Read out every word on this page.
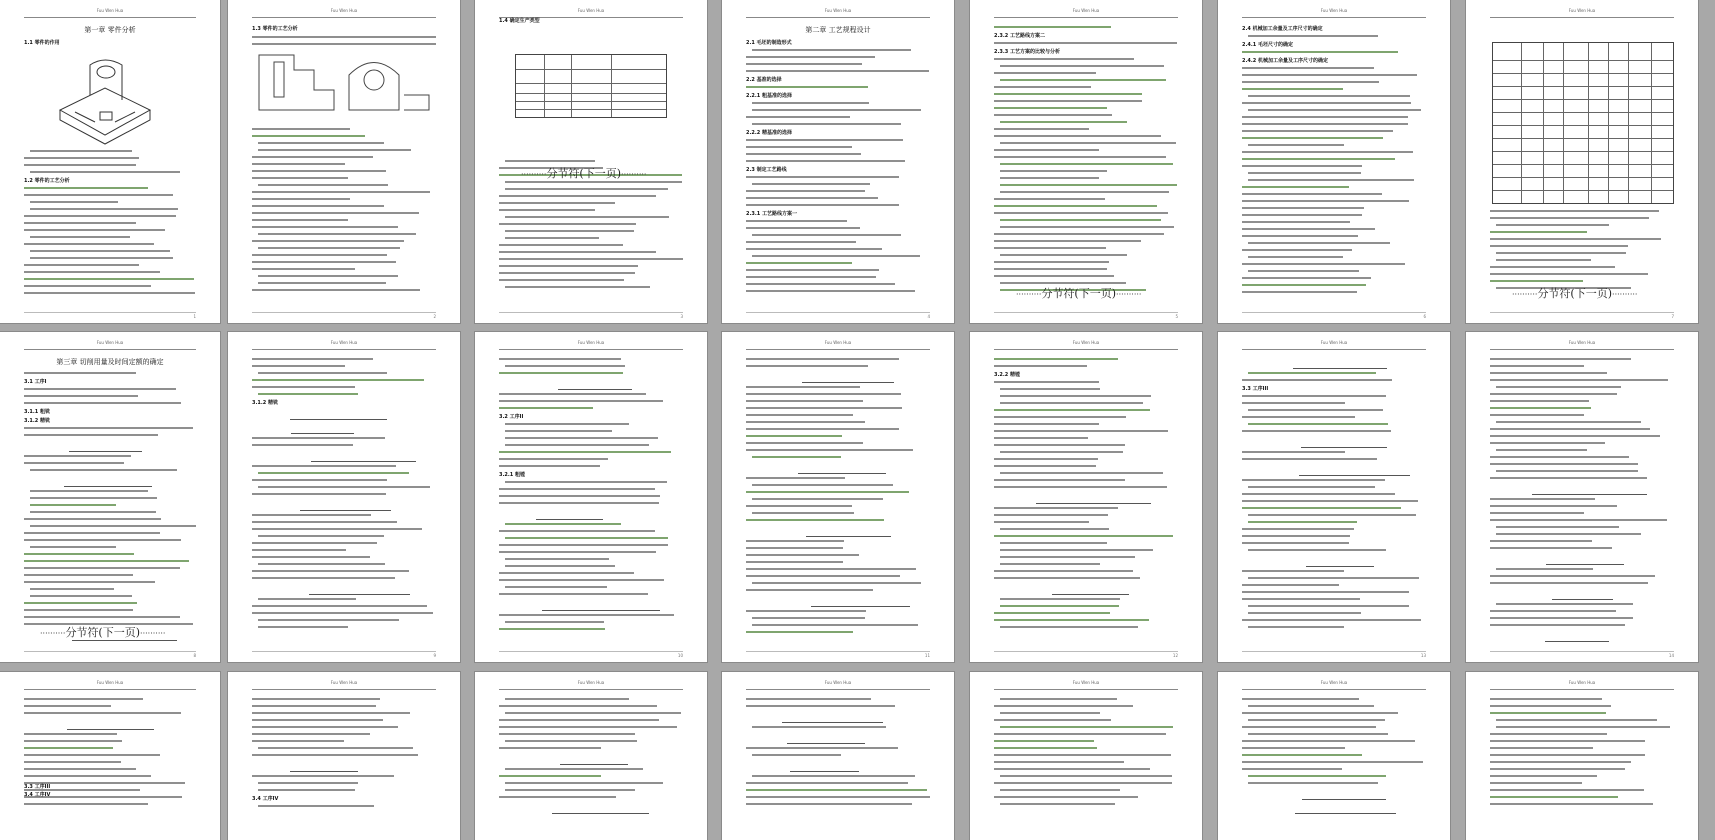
Fuu Wen Hua
第一章 零件分析
1.1 零件的作用
1.2 零件的工艺分析
1
Fuu Wen Hua
1.3 零件的工艺分析
2
Fuu Wen Hua
1.4 确定生产类型
····· 分节符(下一页) ·····
3
Fuu Wen Hua
第二章 工艺规程设计
2.1 毛坯的制造形式
2.2 基准的选择
2.2.1 粗基准的选择
2.2.2 精基准的选择
2.3 制定工艺路线
2.3.1 工艺路线方案一
4
Fuu Wen Hua
2.3.2 工艺路线方案二
2.3.3 工艺方案的比较与分析
····· 分节符(下一页) ·····
5
Fuu Wen Hua
2.4 机械加工余量及工序尺寸的确定
2.4.1 毛坯尺寸的确定
2.4.2 机械加工余量及工序尺寸的确定
6
Fuu Wen Hua
····· 分节符(下一页) ·····
7
Fuu Wen Hua
第三章 切削用量及时间定额的确定
3.1 工序I
3.1.1 粗铣
3.1.2 精铣
····· 分节符(下一页) ·····
8
Fuu Wen Hua
3.1.2 精铣
9
Fuu Wen Hua
3.2 工序II
3.2.1 粗镗
10
Fuu Wen Hua
11
Fuu Wen Hua
3.2.2 精镗
12
Fuu Wen Hua
3.3 工序III
13
Fuu Wen Hua
14
Fuu Wen Hua
3.3 工序III
3.4 工序IV
Fuu Wen Hua
3.4 工序IV
Fuu Wen Hua	Fuu Wen Hua	Fuu Wen Hua	Fuu Wen Hua	Fuu Wen Hua
